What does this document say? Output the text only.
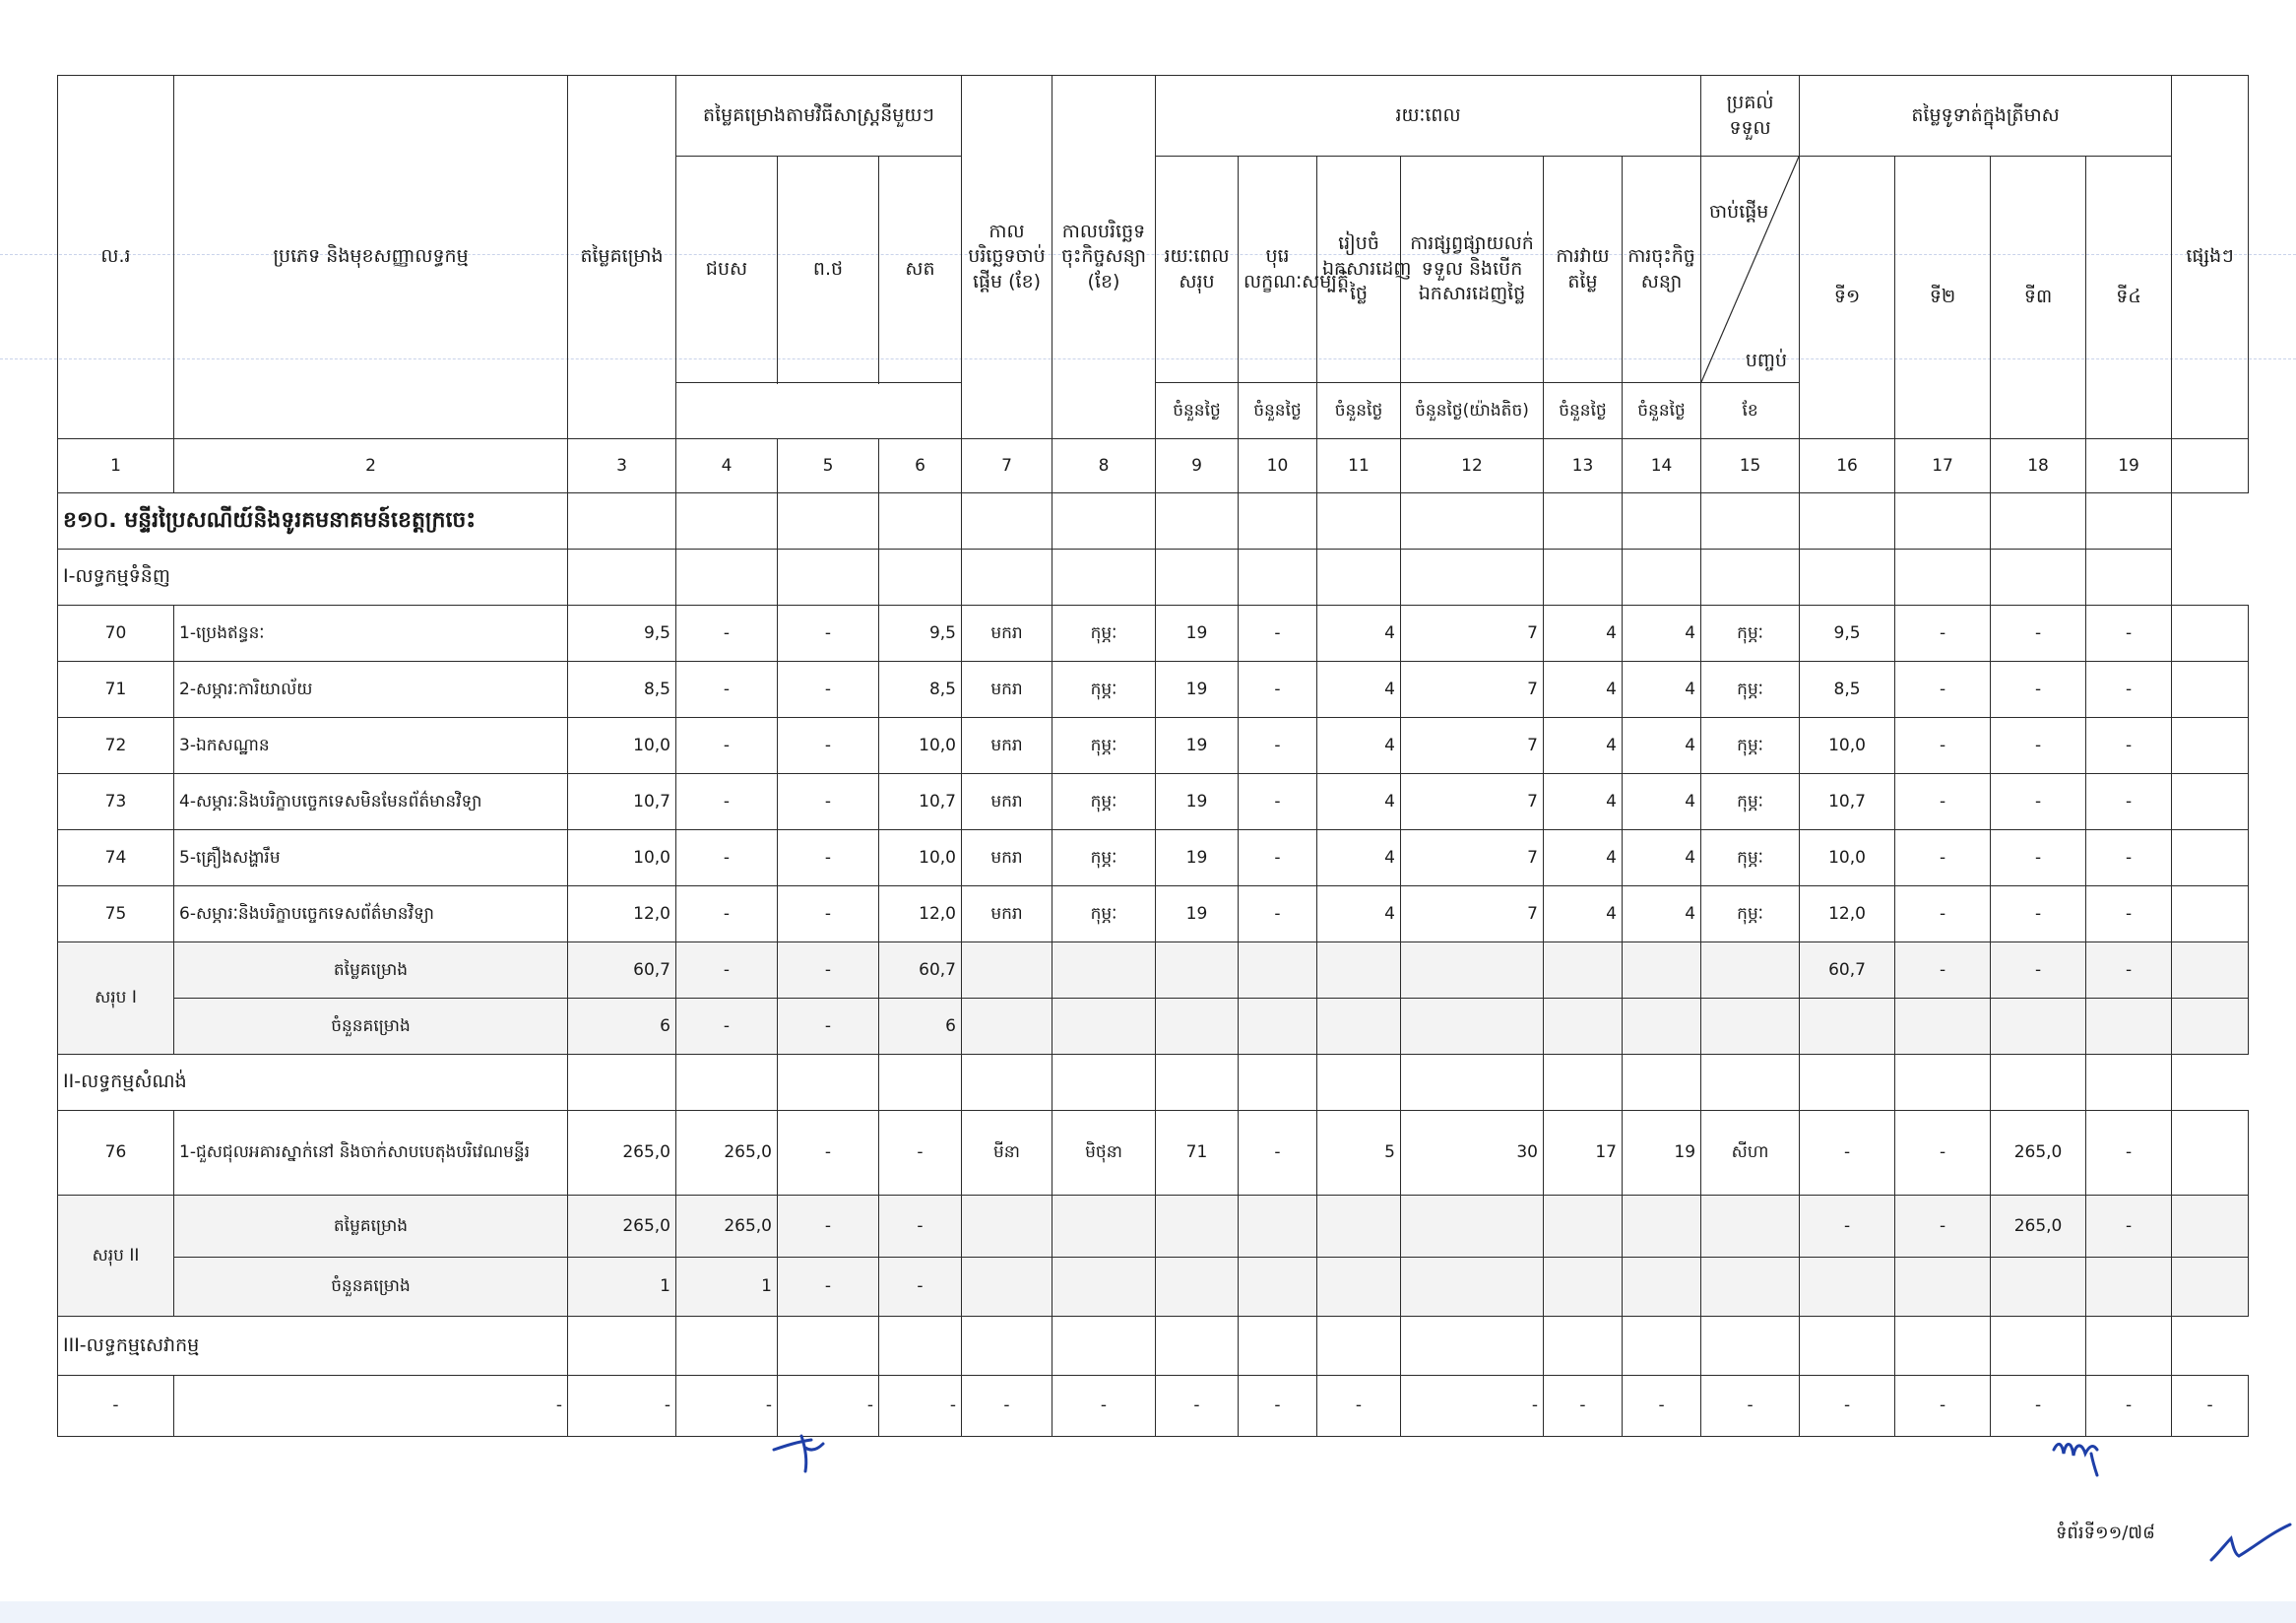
ល.រ	ប្រភេទ និងមុខសញ្ញាលទ្ធកម្ម	តម្លៃគម្រោង	តម្លៃគម្រោងតាមវិធីសាស្ត្រនីមួយៗ			កាលបរិច្ឆេទចាប់ផ្តើម (ខែ)	កាលបរិច្ឆេទចុះកិច្ចសន្យា (ខែ)	រយៈពេល						ប្រគល់ទទួល	តម្លៃទូទាត់ក្នុងត្រីមាស				ផ្សេងៗ
			ជបស	ព.ថ	សត			រយៈពេលសរុប	បុរេលក្ខណៈសម្បត្តិ	រៀបចំឯកសារដេញថ្លៃ	ការផ្សព្វផ្សាយលក់ ទទួល និងបើកឯកសារដេញថ្លៃ	ការវាយតម្លៃ	ការចុះកិច្ចសន្យា	ចាប់ផ្តើម
បញ្ចប់	ទី១	ទី២	ទី៣	ទី៤	

								ចំនួនថ្ងៃ	ចំនួនថ្ងៃ	ចំនួនថ្ងៃ	ចំនួនថ្ងៃ(យ៉ាងតិច)	ចំនួនថ្ងៃ	ចំនួនថ្ងៃ	ខែ					
1	2	3	4	5	6	7	8	9	10	11	12	13	14	15	16	17	18	19	
ខ១០. មន្ទីរប្រៃសណីយ៍និងទូរគមនាគមន៍ខេត្តក្រចេះ																			
I-លទ្ធកម្មទំនិញ																			
70	1-ប្រេងឥន្ធនៈ	9,5	-	-	9,5	មករា	កុម្ភៈ	19	-	4	7	4	4	កុម្ភៈ	9,5	-	-	-	
71	2-សម្ភារៈការិយាល័យ	8,5	-	-	8,5	មករា	កុម្ភៈ	19	-	4	7	4	4	កុម្ភៈ	8,5	-	-	-	
72	3-ឯកសណ្ឋាន	10,0	-	-	10,0	មករា	កុម្ភៈ	19	-	4	7	4	4	កុម្ភៈ	10,0	-	-	-	
73	4-សម្ភារៈនិងបរិក្ខាបច្ចេកទេសមិនមែនព័ត៌មានវិទ្យា	10,7	-	-	10,7	មករា	កុម្ភៈ	19	-	4	7	4	4	កុម្ភៈ	10,7	-	-	-	
74	5-គ្រឿងសង្ហារឹម	10,0	-	-	10,0	មករា	កុម្ភៈ	19	-	4	7	4	4	កុម្ភៈ	10,0	-	-	-	
75	6-សម្ភារៈនិងបរិក្ខាបច្ចេកទេសព័ត៌មានវិទ្យា	12,0	-	-	12,0	មករា	កុម្ភៈ	19	-	4	7	4	4	កុម្ភៈ	12,0	-	-	-	
សរុប I	តម្លៃគម្រោង	60,7	-	-	60,7										60,7	-	-	-	
	ចំនួនគម្រោង	6	-	-	6														
II-លទ្ធកម្មសំណង់																			
76	1-ជួសជុលអគារស្នាក់នៅ និងចាក់សាបបេតុងបរិវេណមន្ទីរ	265,0	265,0	-	-	មីនា	មិថុនា	71	-	5	30	17	19	សីហា	-	-	265,0	-	
សរុប II	តម្លៃគម្រោង	265,0	265,0	-	-										-	-	265,0	-	
	ចំនួនគម្រោង	1	1	-	-														
III-លទ្ធកម្មសេវាកម្ម																			
-	-	-	-	-	-	-	-	-	-	-	-	-	-	-	-	-	-	-	-
ទំព័រទី១១/៧៨
